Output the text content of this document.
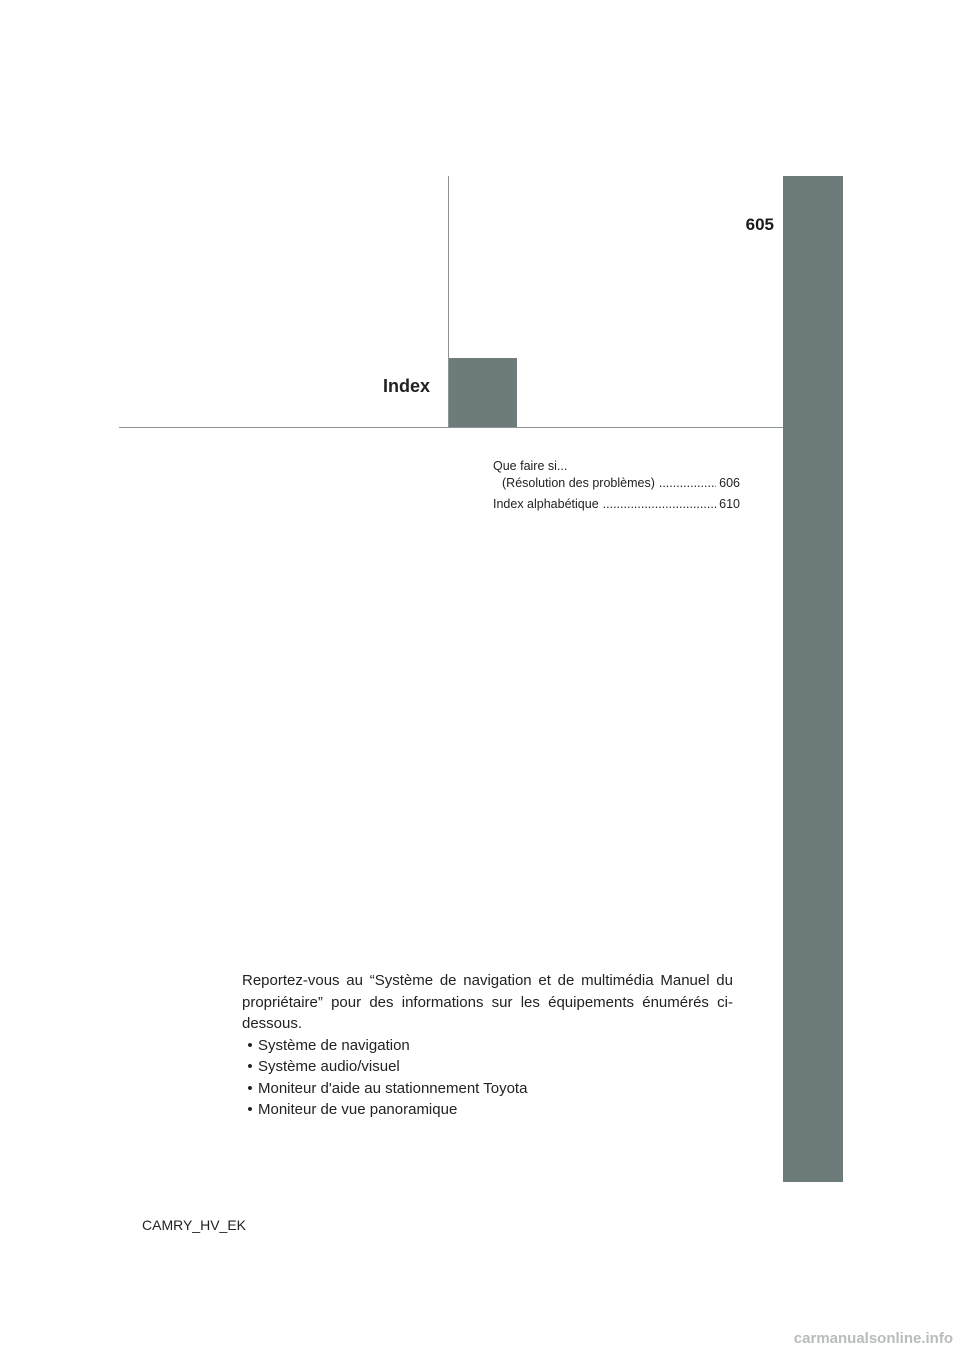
605
Index
Que faire si...
(Résolution des problèmes) .....	606
Index alphabétique .....	610

Reportez-vous au “Système de navigation et de multimédia Manuel du propriétaire” pour des informations sur les équipements énumérés ci-dessous.

• Système de navigation
• Système audio/visuel
• Moniteur d'aide au stationnement Toyota
• Moniteur de vue panoramique
CAMRY_HV_EK
carmanualsonline.info
